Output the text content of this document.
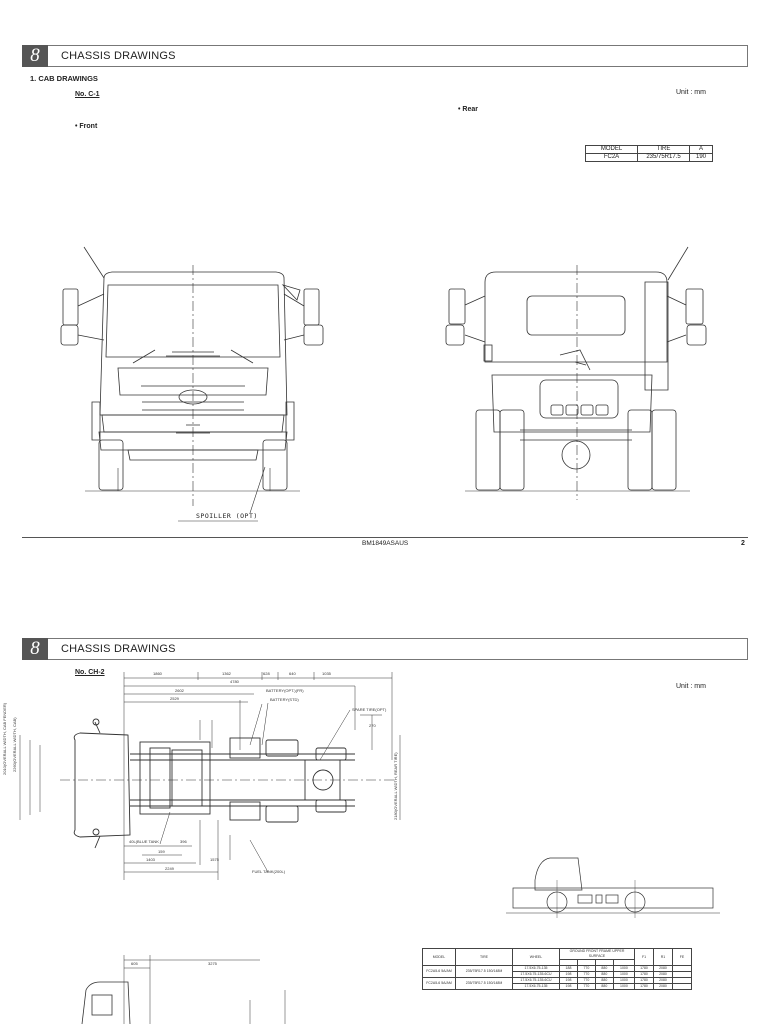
8	CHASSIS DRAWINGS
1. CAB DRAWINGS
No. C-1	Unit : mm
• Rear
• Front
MODEL	TIRE	A
FC2A	235/75R17.5	190
SPOILLER (OPT)
BM1849ASAUS	2
8	CHASSIS DRAWINGS
No. CH-2
Unit : mm
1860	1362	628	640	1035
4780
2602
2529
BATTERY(OPT.)(FR)
BATTERY(STD)
SPARE TIRE(OPT)
270
40L(BLUE TANK	396
159
1403	1575
2249
FUEL TANK(200L)
2010(OVERALL WIDTH, CAB FENDER) 2260(OVERALL WIDTH, CAB)
2180(OVERALL WIDTH, REAR TIRE)
605	3275
MODEL	TIRE	WHEEL	GROUND FRONT FRAME UPPER SURFACE				F1	R1	FE

FC2A5-6 5A/AM	235/75R17.5 150/148M	17.5X6.75-135	188	770	880	1000	1780	2080	
		17.5X6.75-135-6CU	198	770	880	1000	1780	2080	
FC2A5-6 5A/AM	235/75R17.5 150/148M	17.5X6.75-135-6CU	198	770	880	1000	1780	2080	
		17.5X6.75-135	198	770	880	1000	1780	2080	
